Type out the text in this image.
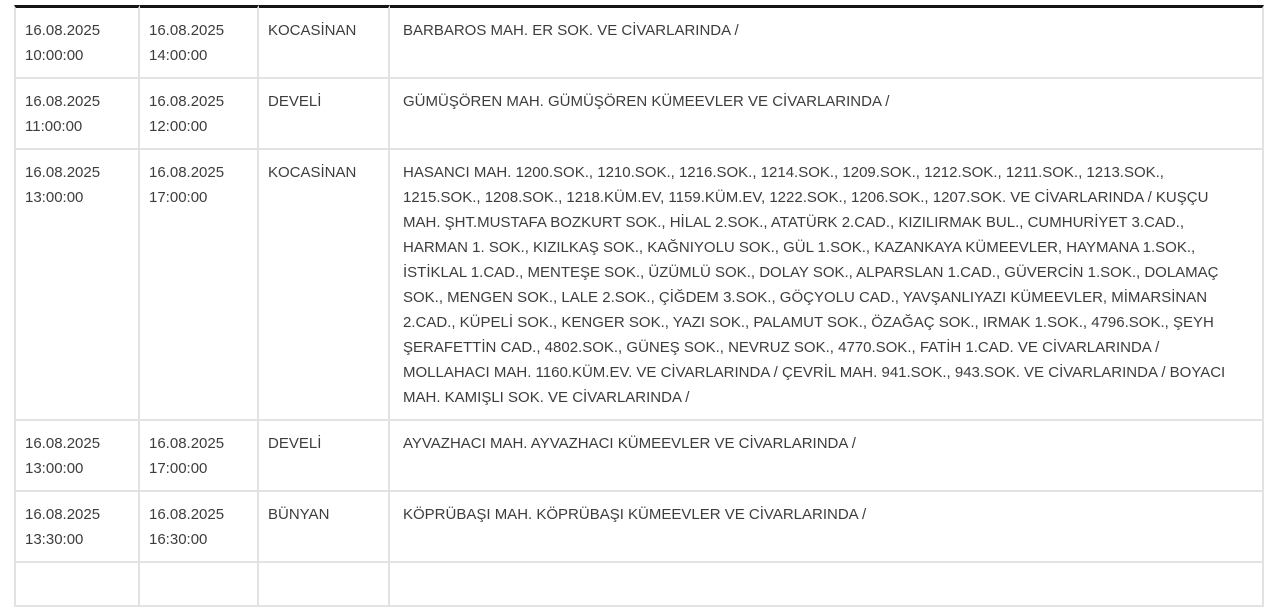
16.08.2025
10:00:00

16.08.2025
14:00:00
	KOCASİNAN	BARBAROS MAH. ER SOK. VE CİVARLARINDA /

16.08.2025
11:00:00

16.08.2025
12:00:00
	DEVELİ	GÜMÜŞÖREN MAH. GÜMÜŞÖREN KÜMEEVLER VE CİVARLARINDA /

16.08.2025
13:00:00

16.08.2025
17:00:00
	KOCASİNAN	HASANCI MAH. 1200.SOK., 1210.SOK., 1216.SOK., 1214.SOK., 1209.SOK., 1212.SOK., 1211.SOK., 1213.SOK., 1215.SOK., 1208.SOK., 1218.KÜM.EV, 1159.KÜM.EV, 1222.SOK., 1206.SOK., 1207.SOK. VE CİVARLARINDA / KUŞÇU MAH. ŞHT.MUSTAFA BOZKURT SOK., HİLAL 2.SOK., ATATÜRK 2.CAD., KIZILIRMAK BUL., CUMHURİYET 3.CAD., HARMAN 1. SOK., KIZILKAŞ SOK., KAĞNIYOLU SOK., GÜL 1.SOK., KAZANKAYA KÜMEEVLER, HAYMANA 1.SOK., İSTİKLAL 1.CAD., MENTEŞE SOK., ÜZÜMLÜ SOK., DOLAY SOK., ALPARSLAN 1.CAD., GÜVERCİN 1.SOK., DOLAMAÇ SOK., MENGEN SOK., LALE 2.SOK., ÇİĞDEM 3.SOK., GÖÇYOLU CAD., YAVŞANLIYAZI KÜMEEVLER, MİMARSİNAN 2.CAD., KÜPELİ SOK., KENGER SOK., YAZI SOK., PALAMUT SOK., ÖZAĞAÇ SOK., IRMAK 1.SOK., 4796.SOK., ŞEYH ŞERAFETTİN CAD., 4802.SOK., GÜNEŞ SOK., NEVRUZ SOK., 4770.SOK., FATİH 1.CAD. VE CİVARLARINDA / MOLLAHACI MAH. 1160.KÜM.EV. VE CİVARLARINDA / ÇEVRİL MAH. 941.SOK., 943.SOK. VE CİVARLARINDA / BOYACI MAH. KAMIŞLI SOK. VE CİVARLARINDA /

16.08.2025
13:00:00

16.08.2025
17:00:00
	DEVELİ	AYVAZHACI MAH. AYVAZHACI KÜMEEVLER VE CİVARLARINDA /

16.08.2025
13:30:00

16.08.2025
16:30:00
	BÜNYAN	KÖPRÜBAŞI MAH. KÖPRÜBAŞI KÜMEEVLER VE CİVARLARINDA /
